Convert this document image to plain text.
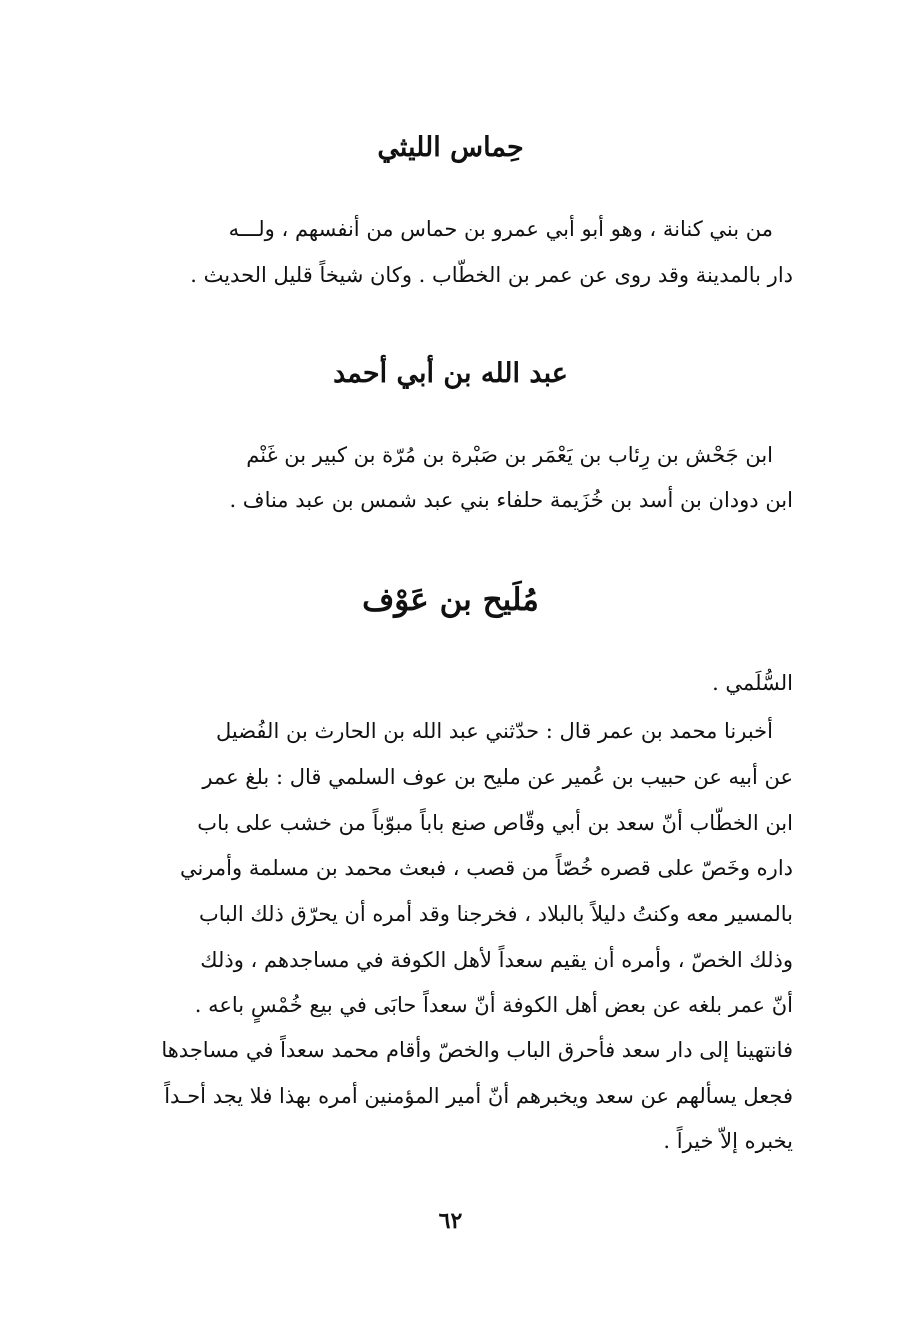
حِماس الليثي
من بني كنانة ، وهو أبو أبي عمرو بن حماس من أنفسهم ، ولـــه
دار بالمدينة وقد روى عن عمر بن الخطّاب . وكان شيخاً قليل الحديث .
عبد الله بن أبي أحمد
ابن جَحْش بن رِئاب بن يَعْمَر بن صَبْرة بن مُرّة بن كبير بن غَنْم
ابن دودان بن أسد بن خُزَيمة حلفاء بني عبد شمس بن عبد مناف .
مُلَيح بن عَوْف
السُّلَمي .
أخبرنا محمد بن عمر قال : حدّثني عبد الله بن الحارث بن الفُضيل
عن أبيه عن حبيب بن عُمير عن مليح بن عوف السلمي قال : بلغ عمر
ابن الخطّاب أنّ سعد بن أبي وقّاص صنع باباً مبوّباً من خشب على باب
داره وخَصّ على قصره خُصّاً من قصب ، فبعث محمد بن مسلمة وأمرني
بالمسير معه وكنتُ دليلاً بالبلاد ، فخرجنا وقد أمره أن يحرّق ذلك الباب
وذلك الخصّ ، وأمره أن يقيم سعداً لأهل الكوفة في مساجدهم ، وذلك
أنّ عمر بلغه عن بعض أهل الكوفة أنّ سعداً حابَى في بيع خُمْسٍ باعه .
فانتهينا إلى دار سعد فأحرق الباب والخصّ وأقام محمد سعداً في مساجدها
فجعل يسألهم عن سعد ويخبرهم أنّ أمير المؤمنين أمره بهذا فلا يجد أحـداً
يخبره إلاّ خيراً .
٦٢
